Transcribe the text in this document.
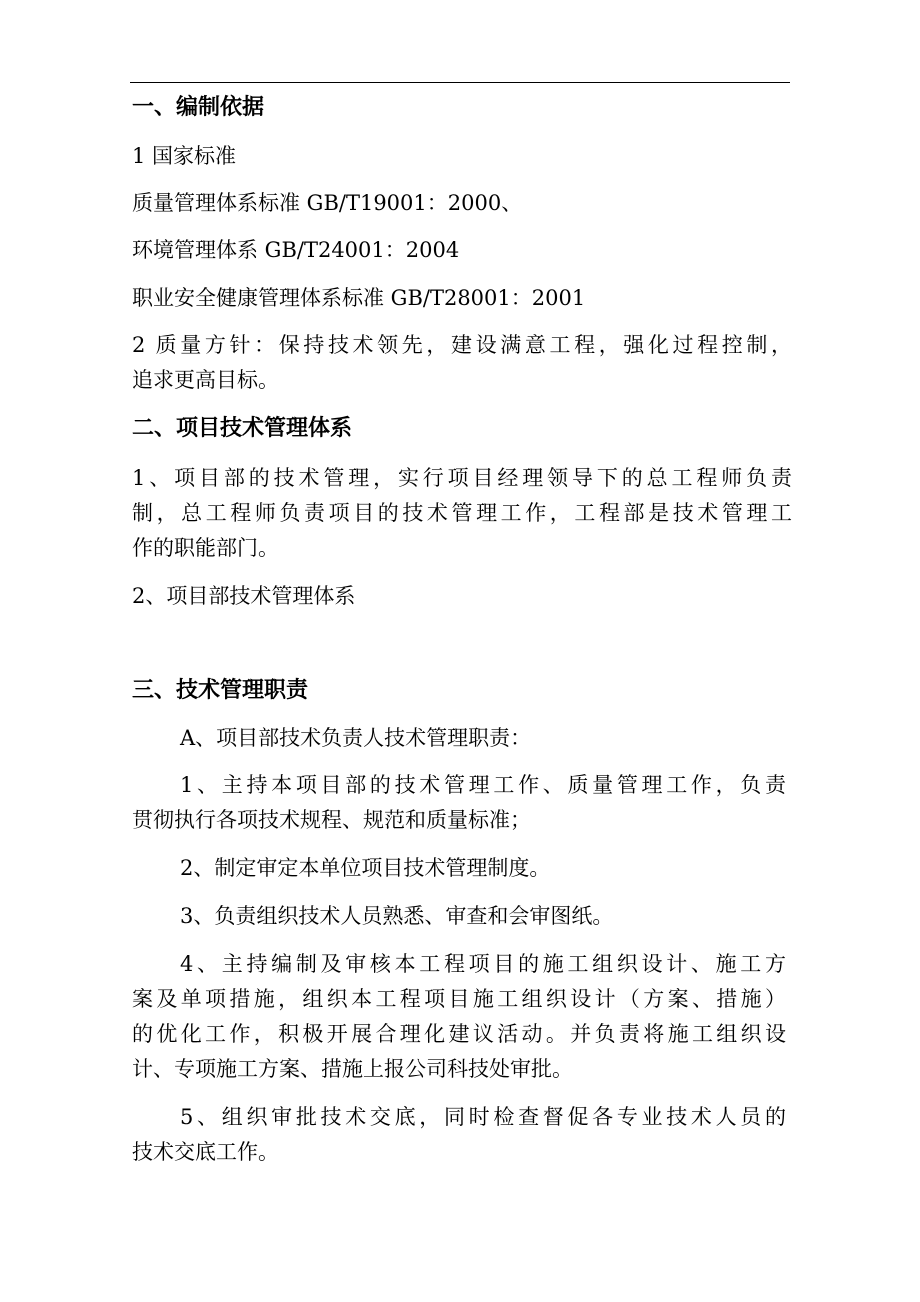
一、编制依据
1 国家标准
质量管理体系标准 GB/T19001：2000、
环境管理体系 GB/T24001：2004
职业安全健康管理体系标准 GB/T28001：2001
2 质量方针：保持技术领先，建设满意工程，强化过程控制，
追求更高目标。
二、项目技术管理体系
1、项目部的技术管理，实行项目经理领导下的总工程师负责
制，总工程师负责项目的技术管理工作，工程部是技术管理工
作的职能部门。
2、项目部技术管理体系
三、技术管理职责
A、项目部技术负责人技术管理职责：
1、主持本项目部的技术管理工作、质量管理工作，负责
贯彻执行各项技术规程、规范和质量标准；
2、制定审定本单位项目技术管理制度。
3、负责组织技术人员熟悉、审查和会审图纸。
4、主持编制及审核本工程项目的施工组织设计、施工方
案及单项措施，组织本工程项目施工组织设计（方案、措施）
的优化工作，积极开展合理化建议活动。并负责将施工组织设
计、专项施工方案、措施上报公司科技处审批。
5、组织审批技术交底，同时检查督促各专业技术人员的
技术交底工作。
